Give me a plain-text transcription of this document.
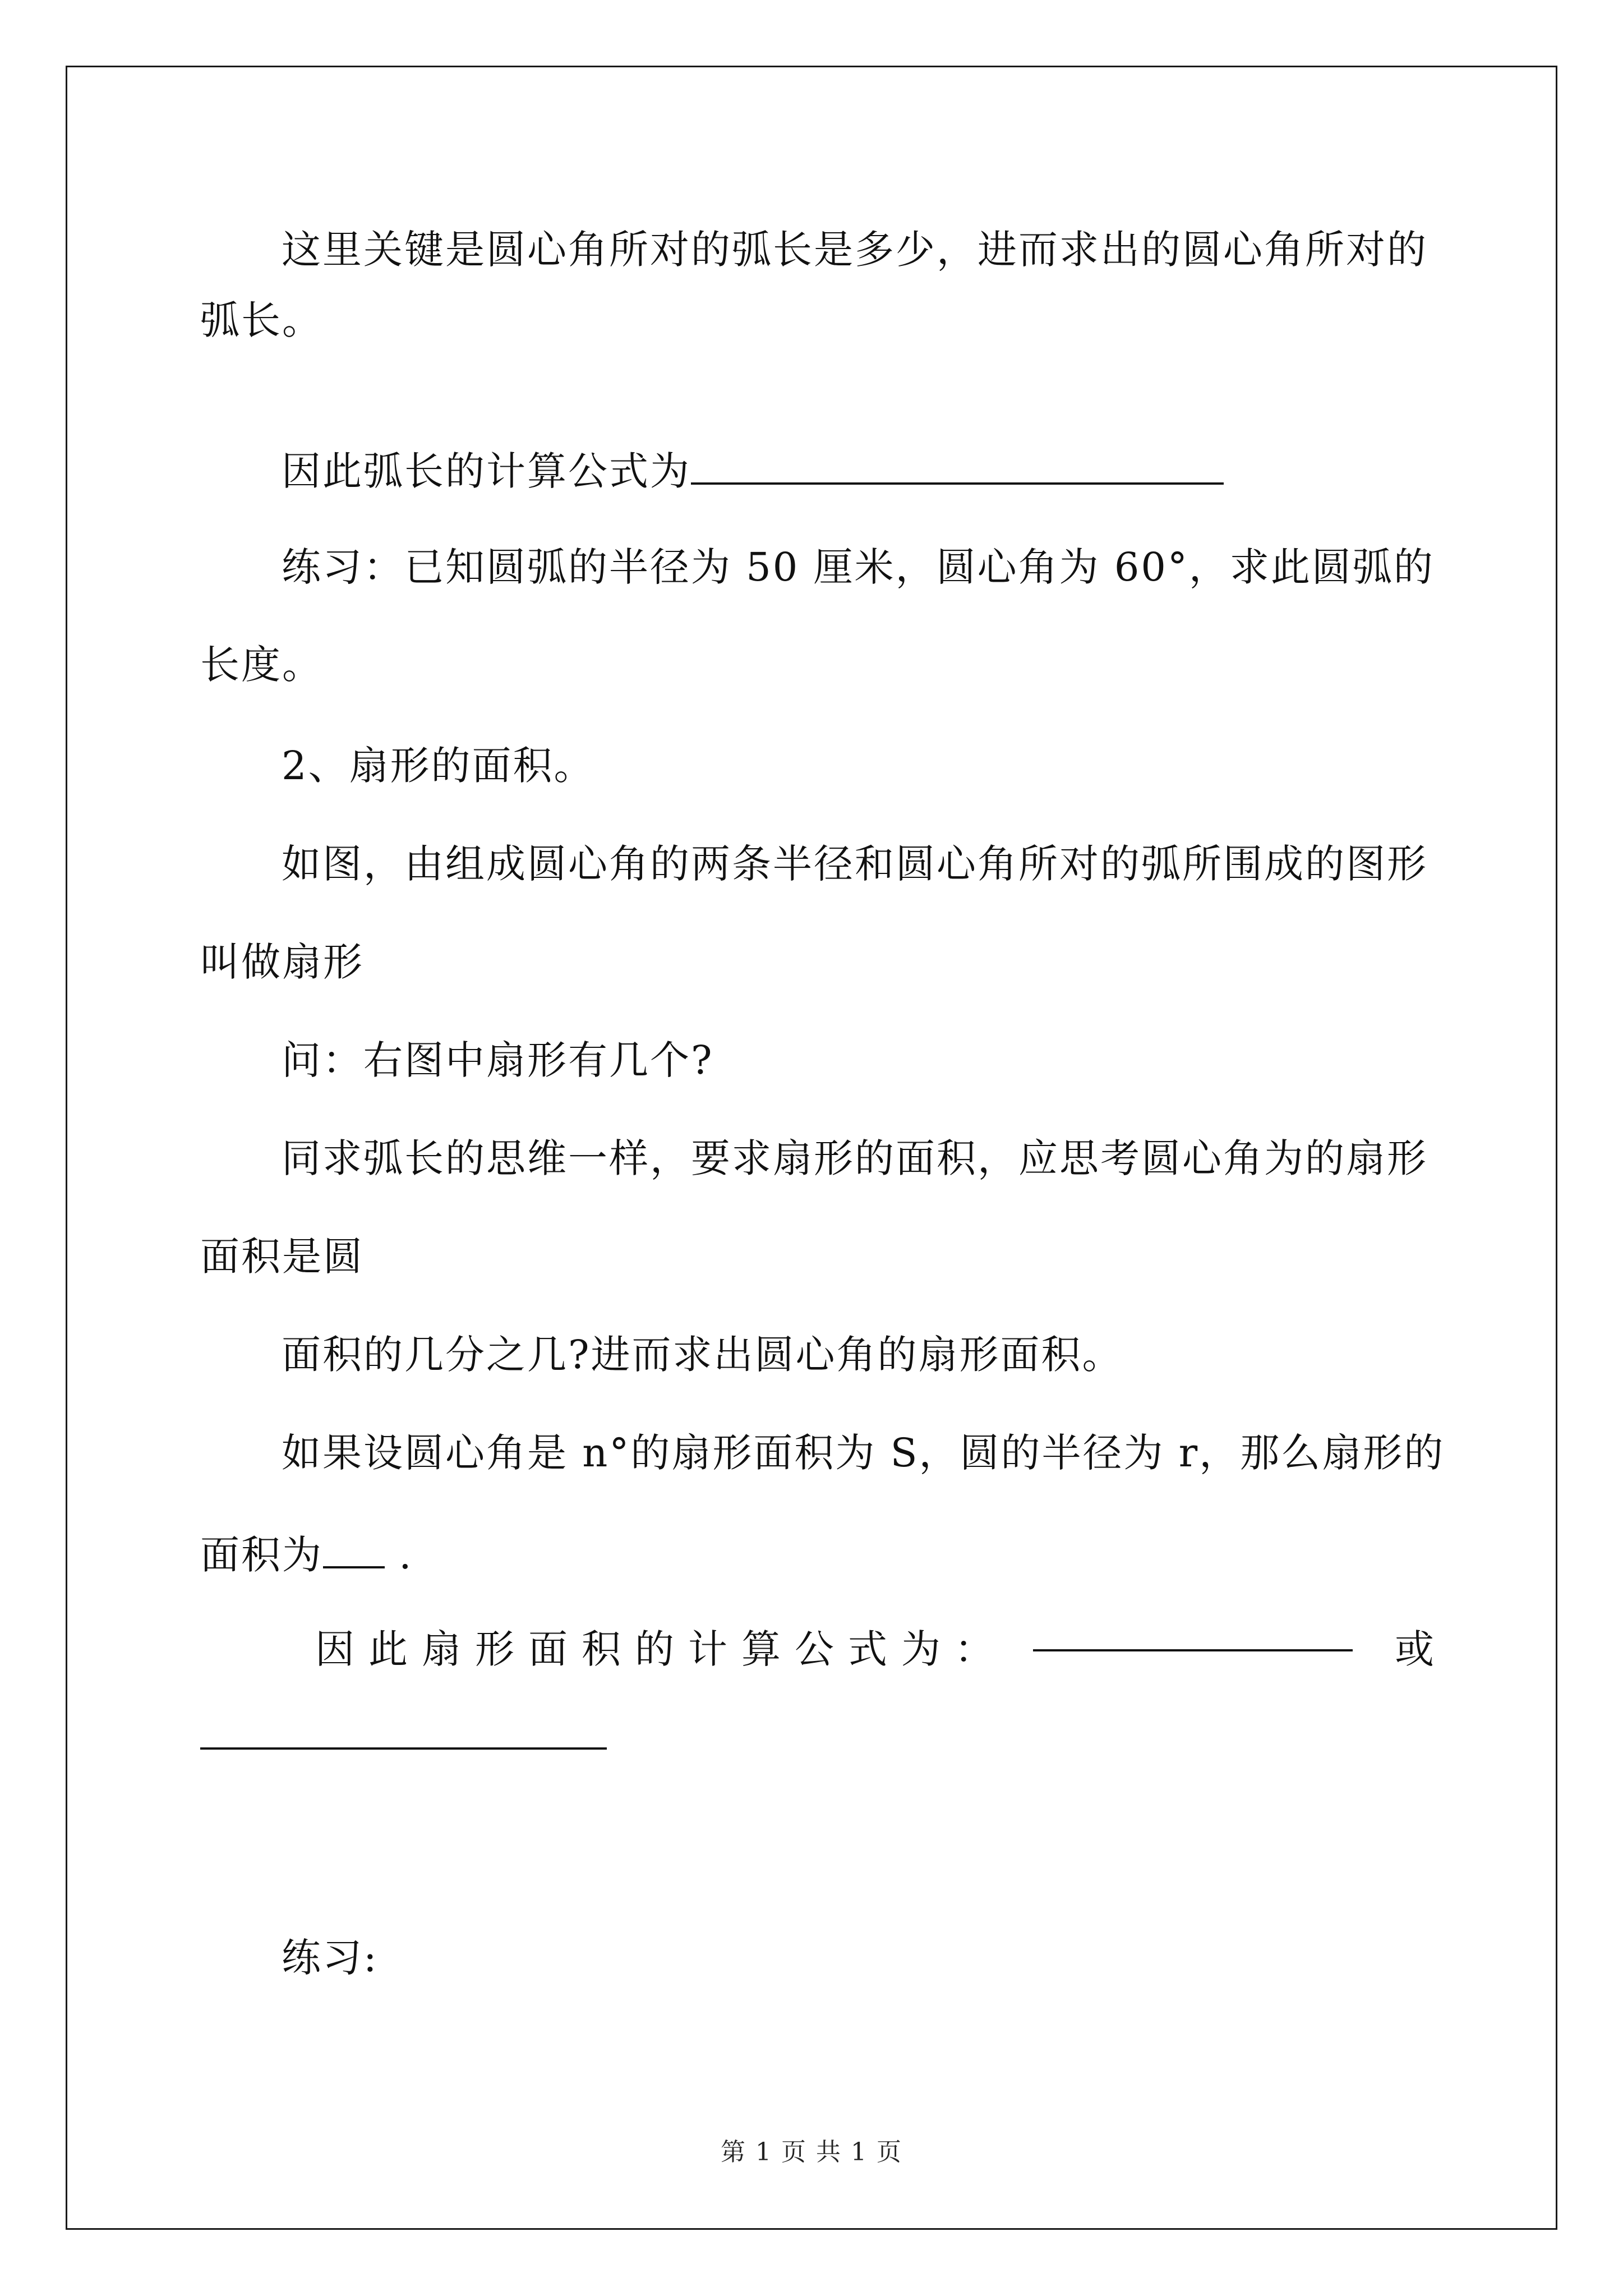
这里关键是圆心角所对的弧长是多少，进而求出的圆心角所对的
弧长。
因此弧长的计算公式为
练习：已知圆弧的半径为 50 厘米，圆心角为 60°，求此圆弧的
长度。
2、扇形的面积。
如图，由组成圆心角的两条半径和圆心角所对的弧所围成的图形
叫做扇形
问：右图中扇形有几个?
同求弧长的思维一样，要求扇形的面积，应思考圆心角为的扇形
面积是圆
面积的几分之几?进而求出圆心角的扇形面积。
如果设圆心角是 n°的扇形面积为 S，圆的半径为 r，那么扇形的
面积为 .
因 此 扇 形 面 积 的 计 算 公 式 为 ：	或
练习:
第 1 页 共 1 页
